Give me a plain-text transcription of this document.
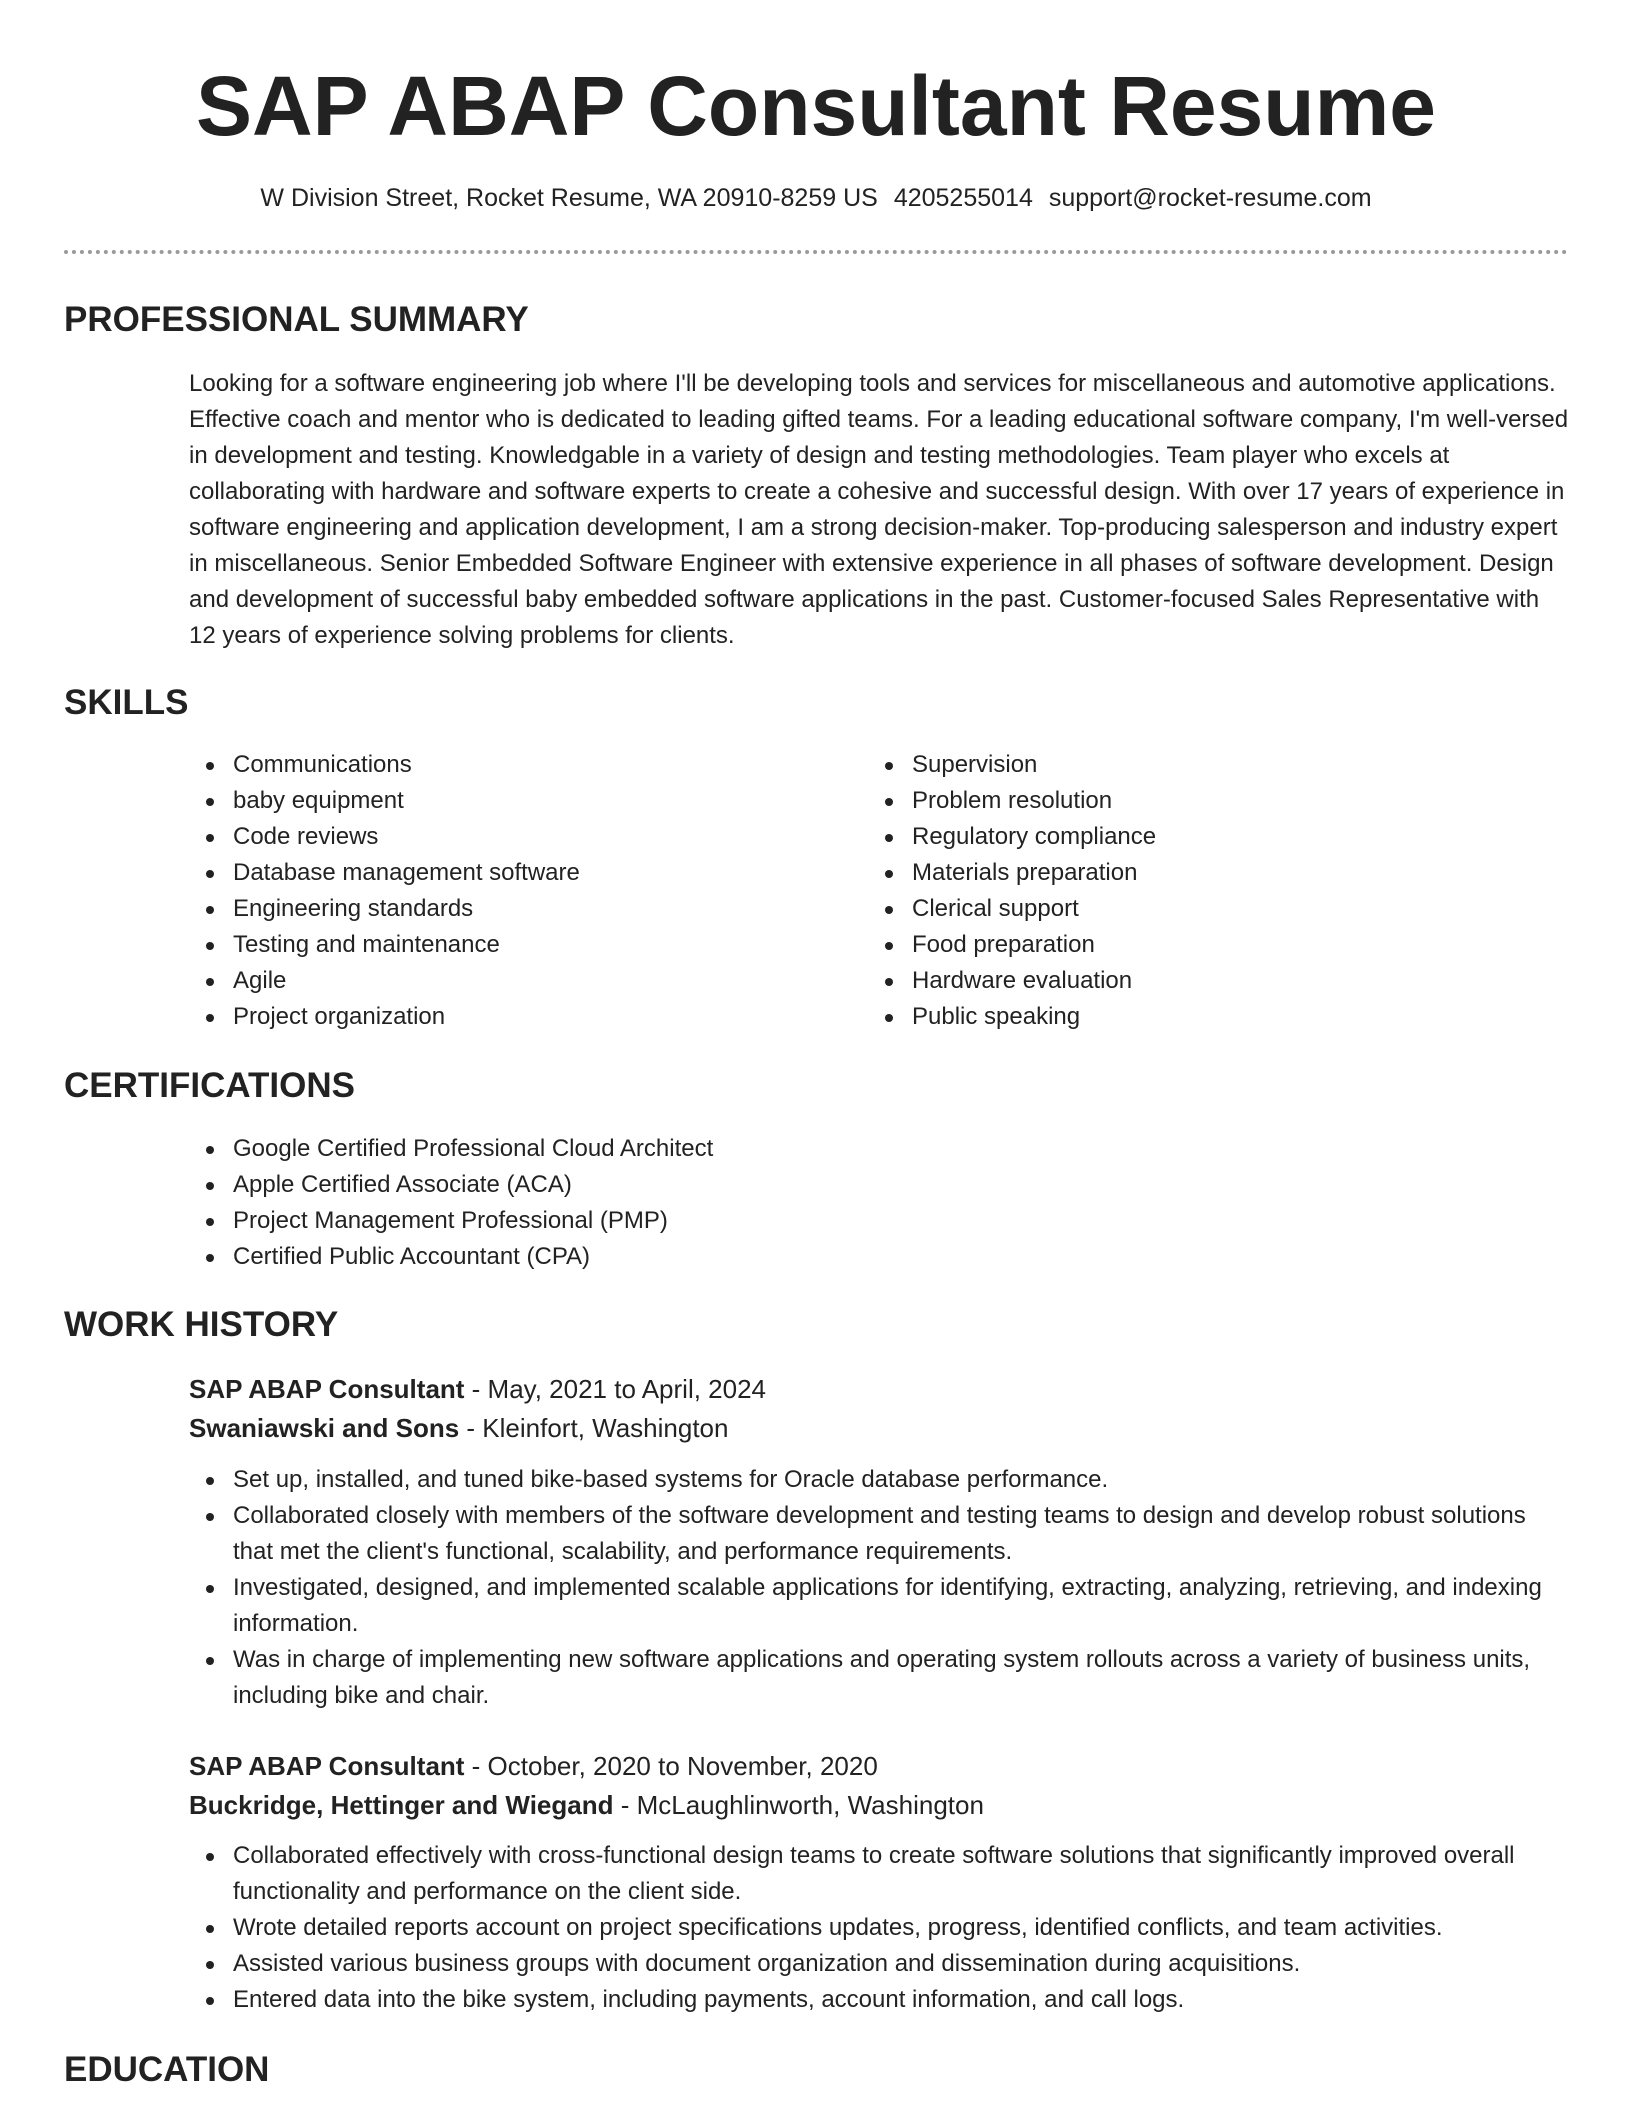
SAP ABAP Consultant Resume
W Division Street, Rocket Resume, WA 20910-8259 US 4205255014 support@rocket-resume.com
PROFESSIONAL SUMMARY

Looking for a software engineering job where I'll be developing tools and services for miscellaneous and automotive applications. Effective coach and mentor who is dedicated to leading gifted teams. For a leading educational software company, I'm well-versed in development and testing. Knowledgable in a variety of design and testing methodologies. Team player who excels at collaborating with hardware and software experts to create a cohesive and successful design. With over 17 years of experience in software engineering and application development, I am a strong decision-maker. Top-producing salesperson and industry expert in miscellaneous. Senior Embedded Software Engineer with extensive experience in all phases of software development. Design and development of successful baby embedded software applications in the past. Customer-focused Sales Representative with 12 years of experience solving problems for clients.

SKILLS
Communications
baby equipment
Code reviews
Database management software
Engineering standards
Testing and maintenance
Agile
Project organization
Supervision
Problem resolution
Regulatory compliance
Materials preparation
Clerical support
Food preparation
Hardware evaluation
Public speaking
CERTIFICATIONS
Google Certified Professional Cloud Architect
Apple Certified Associate (ACA)
Project Management Professional (PMP)
Certified Public Accountant (CPA)
WORK HISTORY
SAP ABAP Consultant - May, 2021 to April, 2024
Swaniawski and Sons - Kleinfort, Washington
Set up, installed, and tuned bike-based systems for Oracle database performance.
Collaborated closely with members of the software development and testing teams to design and develop robust solutions that met the client's functional, scalability, and performance requirements.
Investigated, designed, and implemented scalable applications for identifying, extracting, analyzing, retrieving, and indexing information.
Was in charge of implementing new software applications and operating system rollouts across a variety of business units, including bike and chair.
SAP ABAP Consultant - October, 2020 to November, 2020
Buckridge, Hettinger and Wiegand - McLaughlinworth, Washington
Collaborated effectively with cross-functional design teams to create software solutions that significantly improved overall functionality and performance on the client side.
Wrote detailed reports account on project specifications updates, progress, identified conflicts, and team activities.
Assisted various business groups with document organization and dissemination during acquisitions.
Entered data into the bike system, including payments, account information, and call logs.
EDUCATION
